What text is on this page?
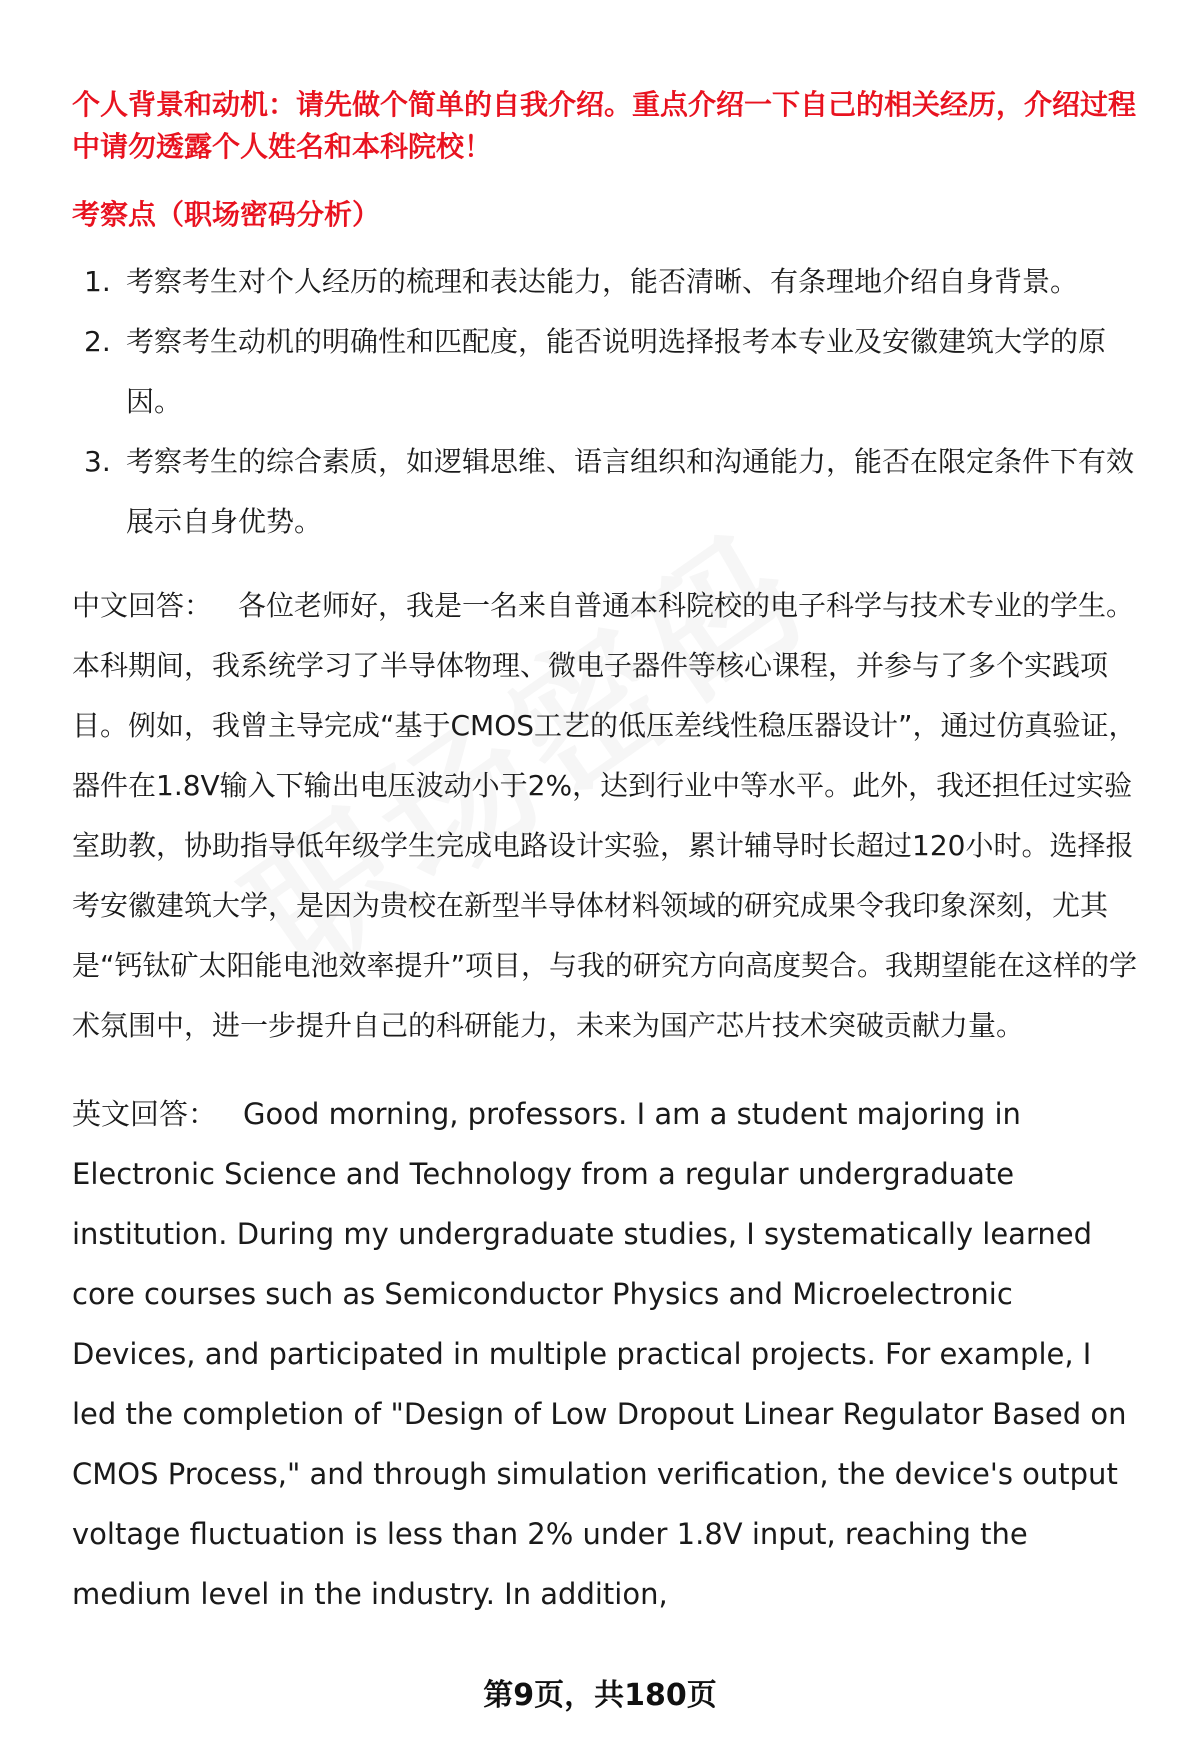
个人背景和动机：请先做个简单的自我介绍。重点介绍一下自己的相关经历，介绍过程中请勿透露个人姓名和本科院校！

考察点（职场密码分析）

1. 考察考生对个人经历的梳理和表达能力，能否清晰、有条理地介绍自身背景。
2. 考察考生动机的明确性和匹配度，能否说明选择报考本专业及安徽建筑大学的原因。
3. 考察考生的综合素质，如逻辑思维、语言组织和沟通能力，能否在限定条件下有效展示自身优势。

中文回答： 各位老师好，我是一名来自普通本科院校的电子科学与技术专业的学生。本科期间，我系统学习了半导体物理、微电子器件等核心课程，并参与了多个实践项目。例如，我曾主导完成“基于CMOS工艺的低压差线性稳压器设计”，通过仿真验证，器件在1.8V输入下输出电压波动小于2%，达到行业中等水平。此外，我还担任过实验室助教，协助指导低年级学生完成电路设计实验，累计辅导时长超过120小时。选择报考安徽建筑大学，是因为贵校在新型半导体材料领域的研究成果令我印象深刻，尤其是“钙钛矿太阳能电池效率提升”项目，与我的研究方向高度契合。我期望能在这样的学术氛围中，进一步提升自己的科研能力，未来为国产芯片技术突破贡献力量。

英文回答： Good morning, professors. I am a student majoring in Electronic Science and Technology from a regular undergraduate institution. During my undergraduate studies, I systematically learned core courses such as Semiconductor Physics and Microelectronic Devices, and participated in multiple practical projects. For example, I led the completion of "Design of Low Dropout Linear Regulator Based on CMOS Process," and through simulation verification, the device's output voltage fluctuation is less than 2% under 1.8V input, reaching the medium level in the industry. In addition,

第9页，共180页
